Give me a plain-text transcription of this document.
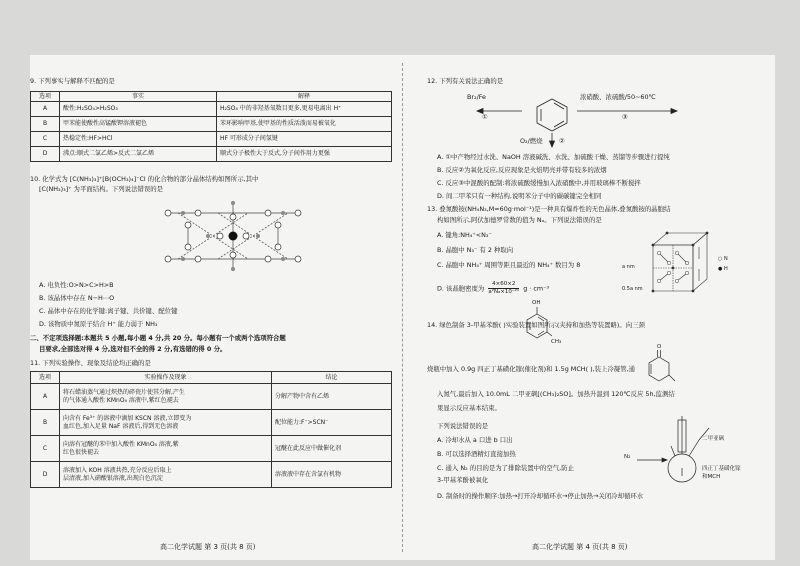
9. 下列事实与解释不匹配的是
选项	事实	解释
A	酸性:H₂SO₄>H₂SO₃	H₂SO₄ 中的非羟基氧数目更多,更易电离出 H⁺
B	甲苯能使酸性高锰酸钾溶液褪色	苯环影响甲基,使甲基的性质活泼而易被氧化
C	热稳定性:HF>HCl	HF 可形成分子间氢键
D	沸点:顺式二氯乙烯>反式二氯乙烯	顺式分子极性大于反式,分子间作用力更强
10. 化学式为 [C(NH₃)₃]⁺[B(OCH₃)₄]⁻Cl 的化合物的部分晶体结构如图所示,其中
[C(NH₃)₃]⁺ 为平面结构。下列说法错误的是
A. 电负性:O>N>C>H>B
B. 该晶体中存在 N−H⋯O
C. 晶体中存在的化学键:离子键、共价键、配位键
D. 该物质中氮原子结合 H⁺ 能力弱于 NH₃
二、不定项选择题:本题共 5 小题,每小题 4 分,共 20 分。每小题有一个或两个选项符合题
目要求,全部选对得 4 分,选对但不全的得 2 分,有选错的得 0 分。
11. 下列实验操作、现象及结论均正确的是
选项	实验操作及现象	结论
A	将石蜡油蒸气通过炽热的碎瓷片使其分解,产生
的气体通入酸性 KMnO₄ 溶液中,紫红色褪去	分解产物中含有乙烯
B	向含有 Fe³⁺ 的溶液中滴加 KSCN 溶液,立即变为
血红色,加入足量 NaF 溶液后,得到无色溶液	配位能力:F⁻>SCN⁻
C	向溶有冠醚的苯中加入酸性 KMnO₄ 溶液,紫
红色很快褪去	冠醚在此反应中做催化剂
D	溶液加入 KOH 溶液共热,充分反应后取上
层清液,加入硝酸银溶液,出现白色沉淀	溶液液中存在含氯有机物
高二化学试题 第 3 页(共 8 页)
12. 下列有关说法正确的是
Br₂/Fe
①
浓硝酸、浓硫酸/50~60℃
③
O₂/燃烧	②
A. ①中产物经过水洗、NaOH 溶液碱洗、水洗、加硫酸干燥、蒸馏等步骤进行提纯
B. 反应②为氧化反应,反应现象是火焰明亮并带有较多的浓烟
C. 反应③中混酸的配制:将浓硫酸缓慢加入浓硝酸中,并用玻璃棒不断搅拌
D. 间二甲苯只有一种结构,说明苯分子中的碳碳键完全相同
13. 叠氮酸铵(NH₄N₃,M=60g·mol⁻¹)是一种具有爆炸性的无色晶体,叠氮酸铵的晶胞结
构如图所示,阿伏加德罗常数的值为 Nₐ。下列说法错误的是
A. 键角:NH₄⁺<N₃⁻
B. 晶胞中 N₃⁻ 有 2 种取向
C. 晶胞中 NH₄⁺ 周围等距且最近的 NH₄⁺ 数目为 8
D. 该晶胞密度为 $\frac{4\times 60\times 2}{\text{a²Nₐ×10⁻²¹}}$ g · cm⁻³
a nm
0.5a nm
○ N
● H
14. 绿色制备 3-甲基苯酚( )实验装置如图所示(夹持和加热等装置略)。向三颈
OH
CH₃
烧瓶中加入 0.9g 四正丁基磺化镓(催化剂)和 1.5g MCH( ),装上冷凝管,通
O
入氮气,最后加入 10.0mL 二甲亚砜[(CH₃)₂SO]。加热升温到 120℃反应 5h,监测结
果显示反应基本结束。
下列说法错误的是
A. 冷却水从 a 口进 b 口出
B. 可以选择酒精灯直接加热
C. 通入 N₂ 的目的是为了排除装置中的空气,防止
3-甲基苯酚被氧化
D. 制备时的操作顺序:加热→打开冷却循环水→停止加热→关闭冷却循环水
N₂
二甲亚砜
四正丁基磺化镓
和MCH
高二化学试题 第 4 页(共 8 页)
